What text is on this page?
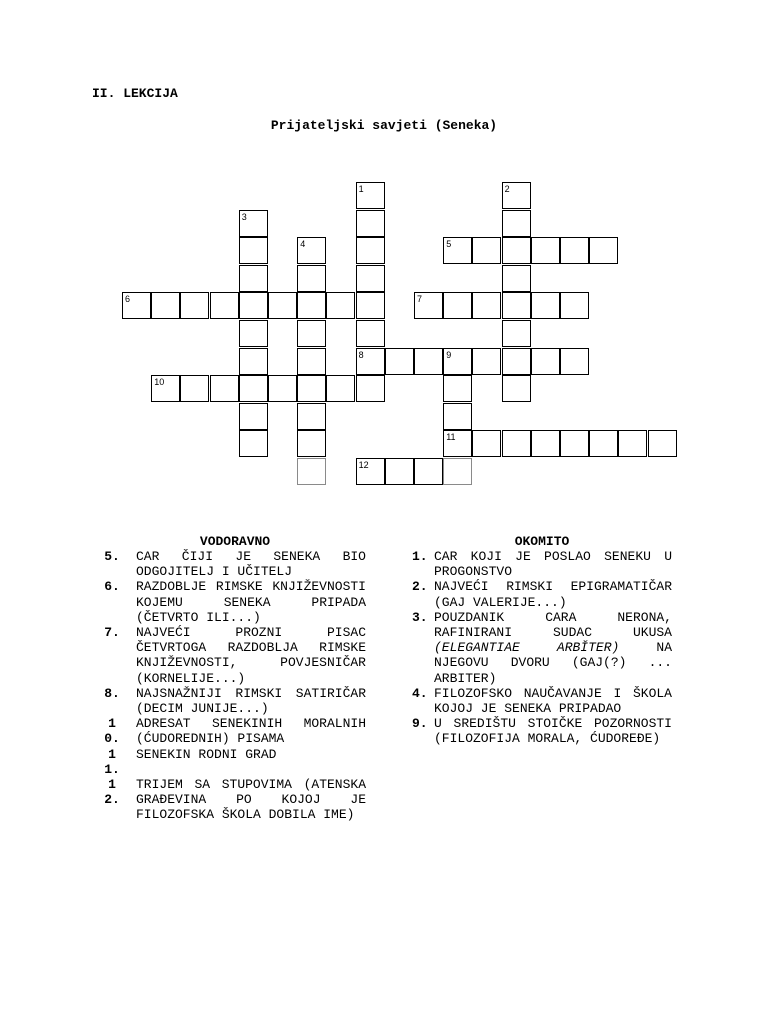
II. LEKCIJA
Prijateljski savjeti (Seneka)
1
8
2
3
4
9
11
5
6	7
10
12
VODORAVNO	OKOMITO
5. CAR ČIJI JE SENEKA BIO ODGOJITELJ I UČITELJ
6. RAZDOBLJE RIMSKE KNJIŽEVNOSTI KOJEMU SENEKA PRIPADA (ČETVRTO ILI...)
7. NAJVEĆI PROZNI PISAC ČETVRTOGA RAZDOBLJA RIMSKE KNJIŽEVNOSTI, POVJESNIČAR (KORNELIJE...)
8. NAJSNAŽNIJI RIMSKI SATIRIČAR (DECIM JUNIJE...)
10.
ADRESAT SENEKINIH MORALNIH (ĆUDOREDNIH) PISAMA
11.
SENEKIN RODNI GRAD
12.
TRIJEM SA STUPOVIMA (ATENSKA GRAĐEVINA PO KOJOJ JE FILOZOFSKA ŠKOLA DOBILA IME)
1. CAR KOJI JE POSLAO SENEKU U PROGONSTVO
2. NAJVEĆI RIMSKI EPIGRAMATIČAR (GAJ VALERIJE...)
3. POUZDANIK CARA NERONA, RAFINIRANI SUDAC UKUSA (ELEGANTIAE ARBĬTER)	NA NJEGOVU DVORU (GAJ(?) ... ARBITER)
4. FILOZOFSKO NAUČAVANJE I ŠKOLA KOJOJ JE SENEKA PRIPADAO
9. U SREDIŠTU STOIČKE POZORNOSTI (FILOZOFIJA MORALA, ĆUDOREĐE)
